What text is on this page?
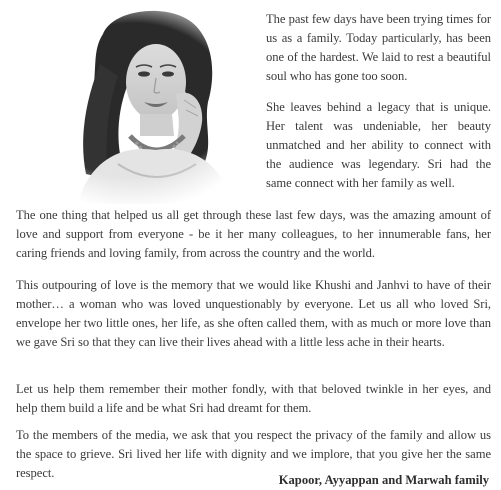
The past few days have been trying times for us as a family. Today particularly, has been one of the hardest. We laid to rest a beautiful soul who has gone too soon.

She leaves behind a legacy that is unique. Her talent was undeniable, her beauty unmatched and her ability to connect with the audience was legendary. Sri had the same connect with her family as well.

The one thing that helped us all get through these last few days, was the amazing amount of love and support from everyone - be it her many colleagues, to her innumerable fans, her caring friends and loving family, from across the country and the world.

This outpouring of love is the memory that we would like Khushi and Janhvi to have of their mother… a woman who was loved unquestionably by everyone. Let us all who loved Sri, envelope her two little ones, her life, as she often called them, with as much or more love than we gave Sri so that they can live their lives ahead with a little less ache in their hearts.

Let us help them remember their mother fondly, with that beloved twinkle in her eyes, and help them build a life and be what Sri had dreamt for them.

To the members of the media, we ask that you respect the privacy of the family and allow us the space to grieve. Sri lived her life with dignity and we implore, that you give her the same respect.	Kapoor, Ayyappan and Marwah family
